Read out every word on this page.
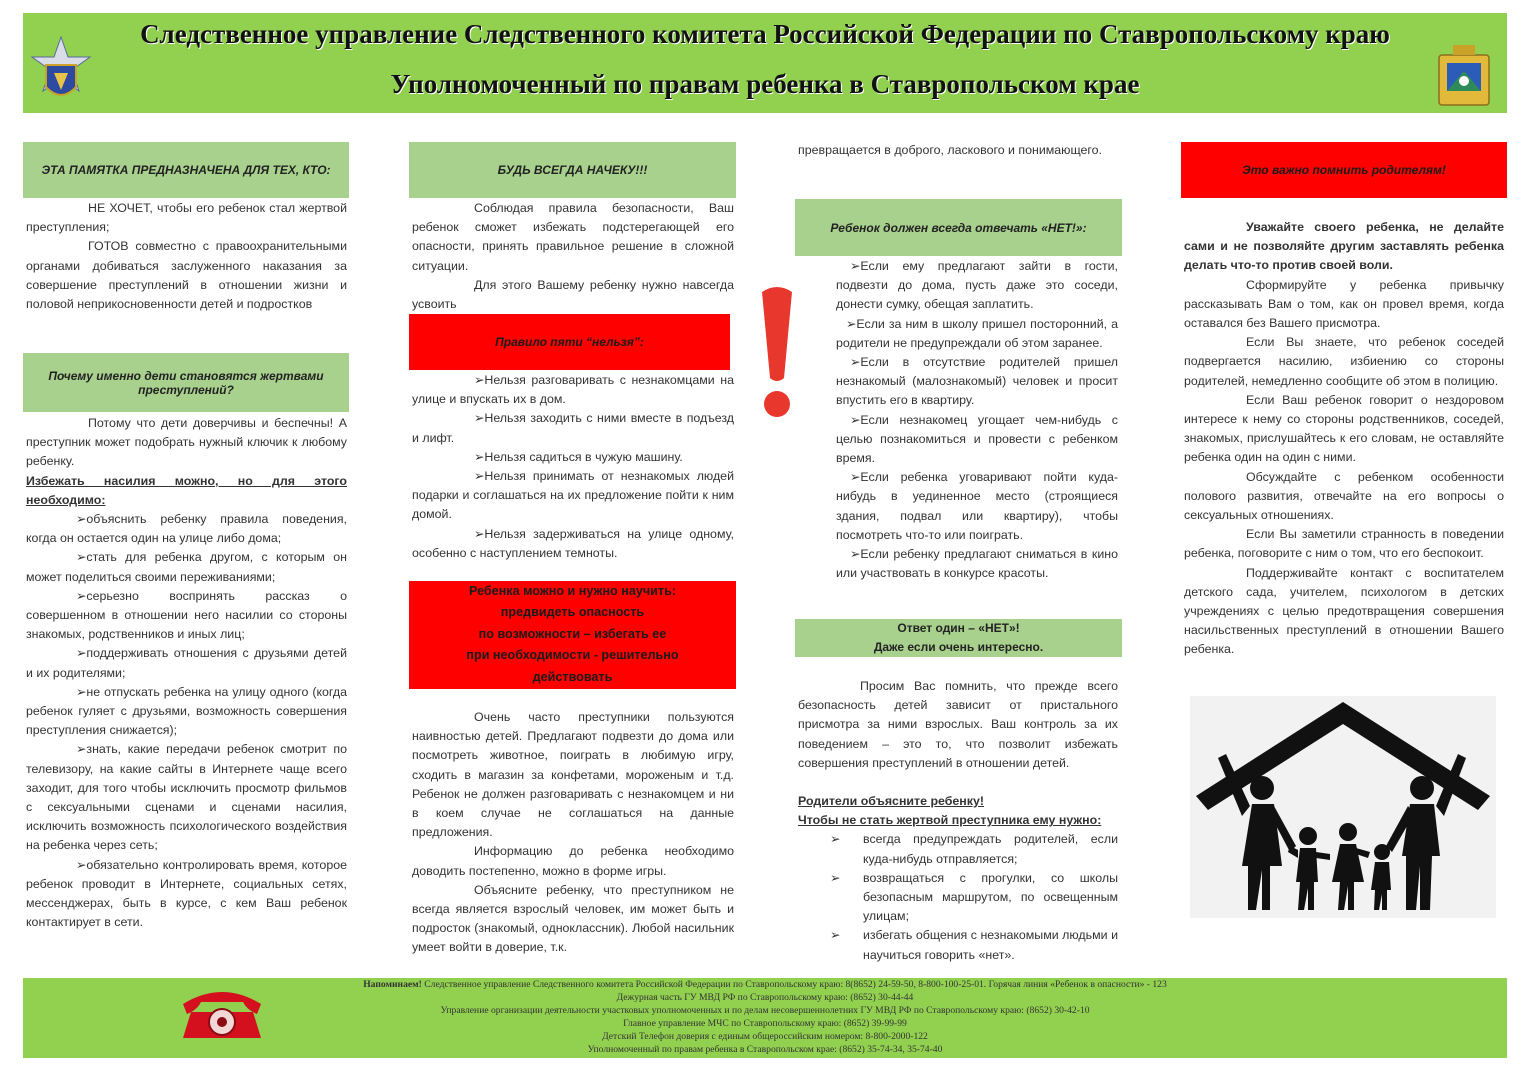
Следственное управление Следственного комитета Российской Федерации по Ставропольскому краю
Уполномоченный по правам ребенка в Ставропольском крае
ЭТА ПАМЯТКА ПРЕДНАЗНАЧЕНА ДЛЯ ТЕХ, КТО:

НЕ ХОЧЕТ, чтобы его ребенок стал жертвой преступления;

ГОТОВ совместно с правоохранительными органами добиваться заслуженного наказания за совершение преступлений в отношении жизни и половой неприкосновенности детей и подростков

Почему именно дети становятся жертвами преступлений?

Потому что дети доверчивы и беспечны! А преступник может подобрать нужный ключик к любому ребенку.

Избежать насилия можно, но для этого необходимо:

➢объяснить ребенку правила поведения, когда он остается один на улице либо дома;

➢стать для ребенка другом, с которым он может поделиться своими переживаниями;

➢серьезно воспринять рассказ о совершенном в отношении него насилии со стороны знакомых, родственников и иных лиц;

➢поддерживать отношения с друзьями детей и их родителями;

➢не отпускать ребенка на улицу одного (когда ребенок гуляет с друзьями, возможность совершения преступления снижается);

➢знать, какие передачи ребенок смотрит по телевизору, на какие сайты в Интернете чаще всего заходит, для того чтобы исключить просмотр фильмов с сексуальными сценами и сценами насилия, исключить возможность психологического воздействия на ребенка через сеть;

➢обязательно контролировать время, которое ребенок проводит в Интернете, социальных сетях, мессенджерах, быть в курсе, с кем Ваш ребенок контактирует в сети.

БУДЬ ВСЕГДА НАЧЕКУ!!!

Соблюдая правила безопасности, Ваш ребенок сможет избежать подстерегающей его опасности, принять правильное решение в сложной ситуации.

Для этого Вашему ребенку нужно навсегда усвоить

Правило пяти “нельзя”:

➢Нельзя разговаривать с незнакомцами на улице и впускать их в дом.

➢Нельзя заходить с ними вместе в подъезд и лифт.

➢Нельзя садиться в чужую машину.

➢Нельзя принимать от незнакомых людей подарки и соглашаться на их предложение пойти к ним домой.

➢Нельзя задерживаться на улице одному, особенно с наступлением темноты.

Ребенка можно и нужно научить:
предвидеть опасность
по возможности – избегать ее
при необходимости - решительно
действовать

Очень часто преступники пользуются наивностью детей. Предлагают подвезти до дома или посмотреть животное, поиграть в любимую игру, сходить в магазин за конфетами, мороженым и т.д. Ребенок не должен разговаривать с незнакомцем и ни в коем случае не соглашаться на данные предложения.

Информацию до ребенка необходимо доводить постепенно, можно в форме игры.

Объясните ребенку, что преступником не всегда является взрослый человек, им может быть и подросток (знакомый, одноклассник). Любой насильник умеет войти в доверие, т.к.

превращается в доброго, ласкового и понимающего.

Ребенок должен всегда отвечать «НЕТ!»:

➢Если ему предлагают зайти в гости, подвезти до дома, пусть даже это соседи, донести сумку, обещая заплатить.

➢Если за ним в школу пришел посторонний, а родители не предупреждали об этом заранее.

➢Если в отсутствие родителей пришел незнакомый (малознакомый) человек и просит впустить его в квартиру.

➢Если незнакомец угощает чем-нибудь с целью познакомиться и провести с ребенком время.

➢Если ребенка уговаривают пойти куда-нибудь в уединенное место (строящиеся здания, подвал или квартиру), чтобы посмотреть что-то или поиграть.

➢Если ребенку предлагают сниматься в кино или участвовать в конкурсе красоты.

Ответ один – «НЕТ»!
Даже если очень интересно.

Просим Вас помнить, что прежде всего безопасность детей зависит от пристального присмотра за ними взрослых. Ваш контроль за их поведением – это то, что позволит избежать совершения преступлений в отношении детей.

Родители объясните ребенку!

Чтобы не стать жертвой преступника ему нужно:

➢ всегда предупреждать родителей, если куда-нибудь отправляется;

➢ возвращаться с прогулки, со школы безопасным маршрутом, по освещенным улицам;

➢ избегать общения с незнакомыми людьми и научиться говорить «нет».

Это важно помнить родителям!

Уважайте своего ребенка, не делайте сами и не позволяйте другим заставлять ребенка делать что-то против своей воли.

Сформируйте у ребенка привычку рассказывать Вам о том, как он провел время, когда оставался без Вашего присмотра.

Если Вы знаете, что ребенок соседей подвергается насилию, избиению со стороны родителей, немедленно сообщите об этом в полицию.

Если Ваш ребенок говорит о нездоровом интересе к нему со стороны родственников, соседей, знакомых, прислушайтесь к его словам, не оставляйте ребенка один на один с ними.

Обсуждайте с ребенком особенности полового развития, отвечайте на его вопросы о сексуальных отношениях.

Если Вы заметили странность в поведении ребенка, поговорите с ним о том, что его беспокоит.

Поддерживайте контакт с воспитателем детского сада, учителем, психологом в детских учреждениях с целью предотвращения совершения насильственных преступлений в отношении Вашего ребенка.

Напоминаем! Следственное управление Следственного комитета Российской Федерации по Ставропольскому краю: 8(8652) 24-59-50, 8-800-100-25-01. Горячая линия «Ребенок в опасности» - 123
Дежурная часть ГУ МВД РФ по Ставропольскому краю: (8652) 30-44-44
Управление организации деятельности участковых уполномоченных и по делам несовершеннолетних ГУ МВД РФ по Ставропольскому краю: (8652) 30-42-10
Главное управление МЧС по Ставропольскому краю: (8652) 39-99-99
Детский Телефон доверия с единым общероссийским номером: 8-800-2000-122
Уполномоченный по правам ребенка в Ставропольском крае: (8652) 35-74-34, 35-74-40
